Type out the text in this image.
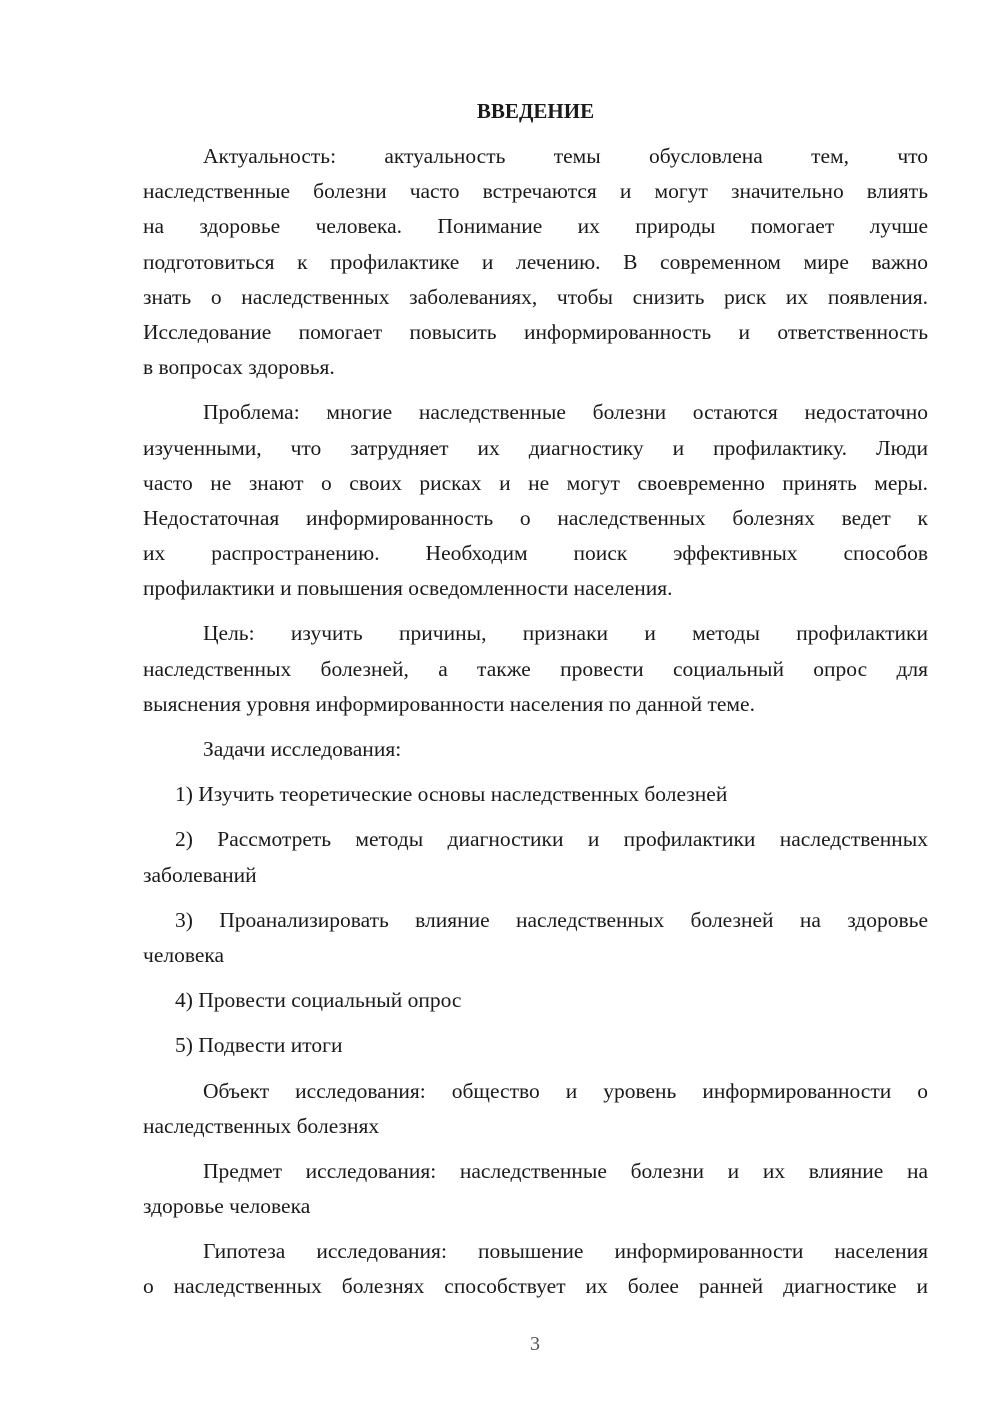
ВВЕДЕНИЕ
Актуальность: актуальность темы обусловлена тем, что
наследственные болезни часто встречаются и могут значительно влиять
на здоровье человека. Понимание их природы помогает лучше
подготовиться к профилактике и лечению. В современном мире важно
знать о наследственных заболеваниях, чтобы снизить риск их появления.
Исследование помогает повысить информированность и ответственность
в вопросах здоровья.
Проблема: многие наследственные болезни остаются недостаточно
изученными, что затрудняет их диагностику и профилактику. Люди
часто не знают о своих рисках и не могут своевременно принять меры.
Недостаточная информированность о наследственных болезнях ведет к
их распространению. Необходим поиск эффективных способов
профилактики и повышения осведомленности населения.
Цель: изучить причины, признаки и методы профилактики
наследственных болезней, а также провести социальный опрос для
выяснения уровня информированности населения по данной теме.
Задачи исследования:
1) Изучить теоретические основы наследственных болезней
2) Рассмотреть методы диагностики и профилактики наследственных
заболеваний
3) Проанализировать влияние наследственных болезней на здоровье
человека
4) Провести социальный опрос
5) Подвести итоги
Объект исследования: общество и уровень информированности о
наследственных болезнях
Предмет исследования: наследственные болезни и их влияние на
здоровье человека
Гипотеза исследования: повышение информированности населения
о наследственных болезнях способствует их более ранней диагностике и
3
